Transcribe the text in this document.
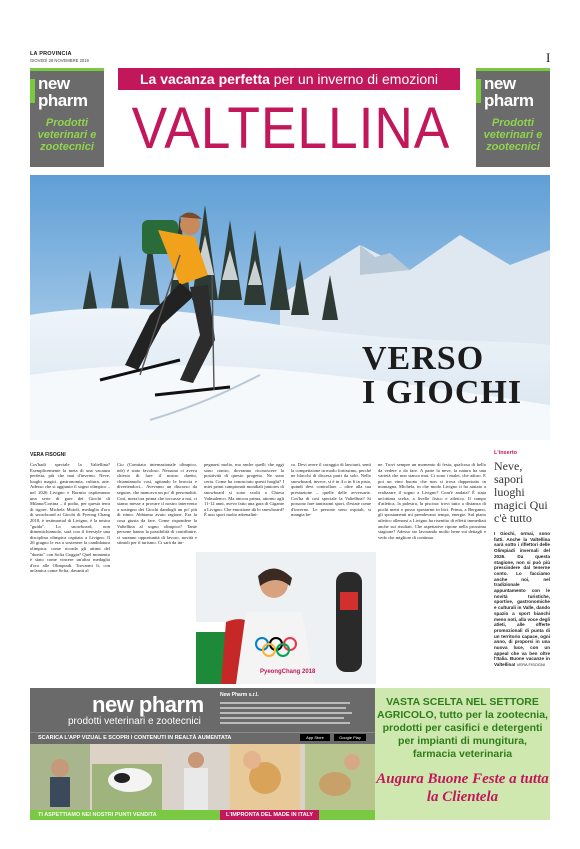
LA PROVINCIA
GIOVEDÌ 28 NOVEMBRE 2019	I
new pharm
Prodotti veterinari e zootecnici
new pharm
Prodotti veterinari e zootecnici
La vacanza perfetta per un inverno di emozioni
VALTELLINA
VERSO
I GIOCHI
VERA FISOGNI
Cos'hadi speciale la Valtellina? Esemplicemente la meta di una vacanza perfetta, più che mai d'inverno. Neve, luoghi magici, gastronomia, cultura, arte. Adesso che si aggiunto il sogno olimpico – nel 2026 Livigno e Bormio ospiteranno una serie di gare dei Giochi di Milano/Cortina – il podio, per questa terra di rigore. Michela Moioli, medaglia d'oro di snowboard ai Giochi di Pyeong Chang 2018, è testimonial di Livigno, è la nostra "guida". Lo snowboard, non dimentichiamolo, sarà con il freestyle una disciplina olimpica ospitata a Livigno. Il 26 giugno le era a sostenere la candidatura olimpica: come ricorda gli attimi del "duetto" con Sofia Goggia? Quel momento è stato come vincere un'altra medaglia d'oro alle Olimpiadi. Trovarmi lì, con un'amica come Sofia, davanti al
Cio (Comitato internazionale olimpico, ndr) è stato favoloso. Nessuno ci aveva chiesto di fare il nostro duetto, chiamiamolo così, agitando le braccia e divertendoci... Avevamo un discorso da seguire, che mancava un po' di personalità. Così, mezz'ora prima che toccasse a noi, ci siamo messe a provare il nostro intervento a sostegno dei Giochi dandogli un po' più di ritmo. Abbiamo avuto ragione. Era la cosa giusta da fare. Come rispondere la Valtellina al sogno olimpico? Tante persone hanno la possibilità di contribuire, ci saranno opportunità di lavoro, novità e stimoli per il turismo. Ci sarà da im-
pegnarsi molto, ma anche quelli che oggi sono contro, dovranno riconoscere la positività di questo progetto. Ne sono certa. Come ha conosciuto questi luoghi? I miei primi campionati mondiali juniores di snowboard si sono svolti a Chiesa Valmalenco. Ma ancora prima, attorno agli 11-12 anni, avevo fatto una gara di Gigante a Livigno. Che emozione dà lo snowboard? È uno sport molto adrenalini-
co. Devi avere il coraggio di lanciarti, senti la competizione in modo fortissimo, perché ne blocchi di discesa parti da solo. Nello snowboard, invece, si è in 4 o in 6 in pista, quindi devi controllare – oltre alla tua prestazione – quelle delle avversarie. Cos'ha di così speciale la Valtellina? Si possono fare tantissimi sport, d'estate come d'inverno. Le persone sono ospitali, si mangia be-
ne. Trovi sempre un momento di festa, qualcosa di bello da vedere o da fare. A parte la neve, la natura ha una varietà che non stanca mai. Ci sono i malet, che adoro. E poi un vino buono che non si trova dappertutto in montagna. Michela, in che modo Livigno ti ha aiutato a realizzare il sogno a Livigno? Com'è andata? È stata un'ottima scelta, a livello fisico e atletico. Il campo d'atletica, la palestra, la piscina: trovi tutto a distanza di pochi metri e posso spostarmi in bici. Prima, a Bergamo, gli spostamenti mi prendevano tempo, energie. Sul piano atletico allenarsi a Livigno ha risentito di effetti immediati anche sui risultati. Che aspettative ripone nella prossima stagione? Adesso sto lavorando molto bene sui dettagli e vedo che migliore di continuo.
PyeongChang 2018
L'inserto
Neve, sapori luoghi magici Qui c'è tutto
I Giochi, ormai, sono fatti. Anche la Valtellina sarà sotto i riflettori delle Olimpiadi invernali del 2026. Da questa stagione, non si può più prescindere dal tenerne conto. Lo facciamo anche noi, nel tradizionale appuntamento con le novità turistiche, sportive, gastronomiche e culturali in Valle, dando spazio a sport bianchi meno noti, alla voce degli atleti, alle offerte promozionali di punta di un territorio capace, ogni anno, di proporsi in una nuova luce, con un appeal che va ben oltre l'Italia. Buone vacanze in Valtellina! VERA FISOGNI
new pharm
prodotti veterinari e zootecnici
New Pharm s.r.l.
SCARICA L'APP VIZUAL E SCOPRI I CONTENUTI IN REALTÀ AUMENTATA	App Store	Google Play
TI ASPETTIAMO NEI NOSTRI PUNTI VENDITA	L'IMPRONTA DEL MADE IN ITALY
VASTA SCELTA NEL SETTORE AGRICOLO, tutto per la zootecnia, prodotti per casifici e detergenti per impianti di mungitura, farmacia veterinaria
Augura Buone Feste a tutta la Clientela
